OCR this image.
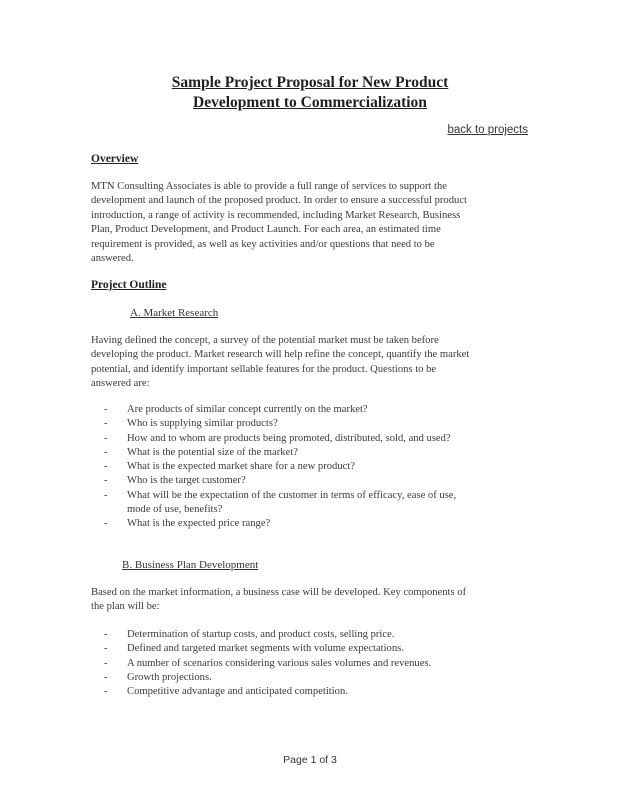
Sample Project Proposal for New Product
Development to Commercialization
back to projects
Overview
MTN Consulting Associates is able to provide a full range of services to support the
development and launch of the proposed product. In order to ensure a successful product
introduction, a range of activity is recommended, including Market Research, Business
Plan, Product Development, and Product Launch. For each area, an estimated time
requirement is provided, as well as key activities and/or questions that need to be
answered.
Project Outline
A. Market Research
Having defined the concept, a survey of the potential market must be taken before
developing the product. Market research will help refine the concept, quantify the market
potential, and identify important sellable features for the product. Questions to be
answered are:
- Are products of similar concept currently on the market?
- Who is supplying similar products?
- How and to whom are products being promoted, distributed, sold, and used?
- What is the potential size of the market?
- What is the expected market share for a new product?
- Who is the target customer?
- What will be the expectation of the customer in terms of efficacy, ease of use,
mode of use, benefits?
- What is the expected price range?
B. Business Plan Development
Based on the market information, a business case will be developed. Key components of
the plan will be:
- Determination of startup costs, and product costs, selling price.
- Defined and targeted market segments with volume expectations.
- A number of scenarios considering various sales volumes and revenues.
- Growth projections.
- Competitive advantage and anticipated competition.
Page 1 of 3
